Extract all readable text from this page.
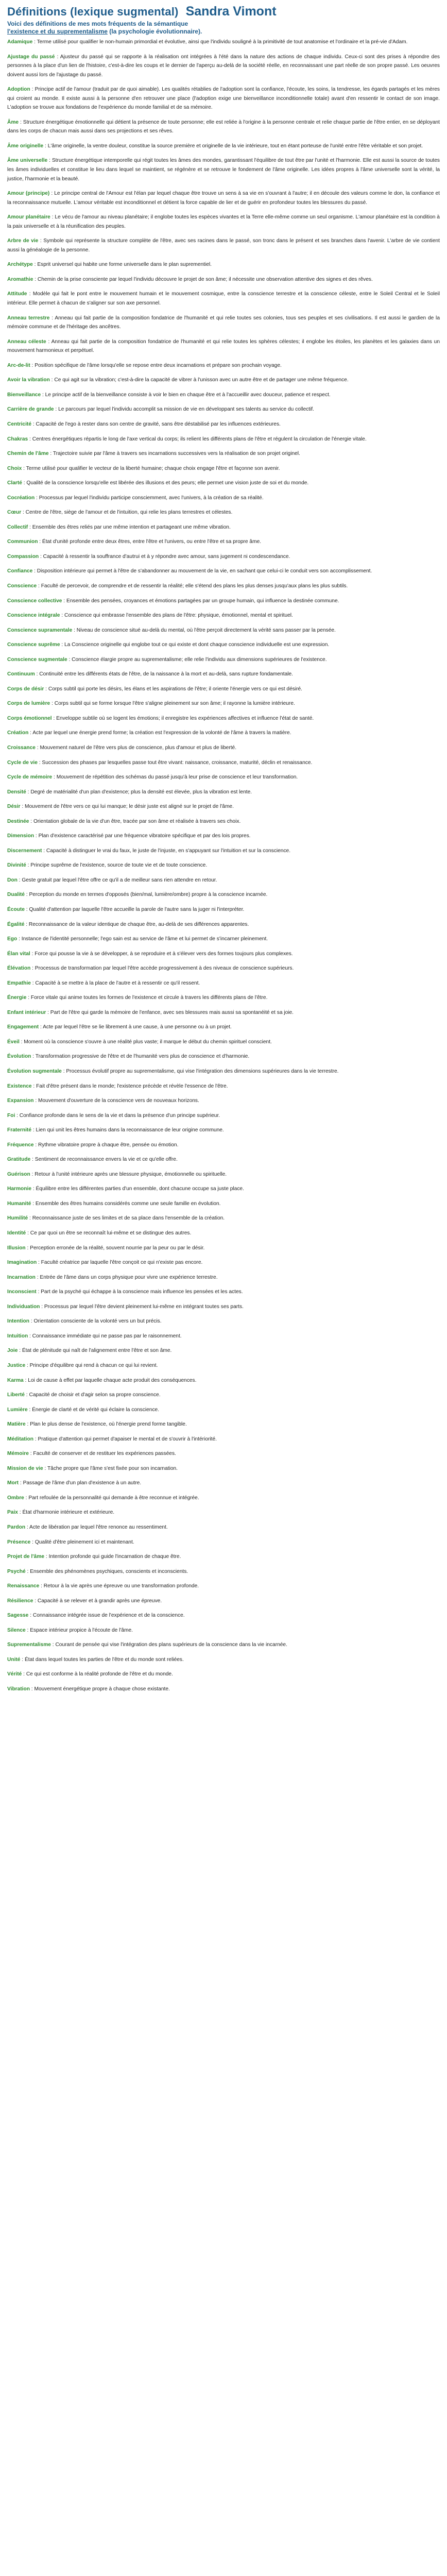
Définitions (lexique sugmental) Sandra Vimont
Voici des définitions de mes mots fréquents de la sémantique l'existence et du suprementalisme (la psychologie évolutionnaire).

Adamique : Terme utilisé pour qualifier le non-humain primordial et évolutive, ainsi que l'individu souligné à la primitivité de tout anatomise et l'ordinaire et la pré-vie d'Adam.

Ajustage du passé : Ajusteur du passé qui se rapporte à la réalisation ont intégrées à l'été dans la nature des actions de chaque individu. Ceux-ci sont des prises à répondre des personnes à la place d'un lien de l'histoire, c'est-à-dire les coups et le dernier de l'aperçu au-delà de la société réelle, en reconnaissant une part réelle de son propre passé. Les oeuvres doivent aussi lors de l'ajustage du passé.

Adoption : Principe actif de l'amour (traduit par de quoi aimable). Les qualités rétablies de l'adoption sont la confiance, l'écoute, les soins, la tendresse, les égards partagés et les mères qui croient au monde. Il existe aussi à la personne d'en retrouver une place (l'adoption exige une bienveillance inconditionnelle totale) avant d'en ressentir le contact de son image. L'adoption se trouve aux fondations de l'expérience du monde familial et de sa mémoire.

Âme : Structure énergétique émotionnelle qui détient la présence de toute personne; elle est reliée à l'origine à la personne centrale et relie chaque partie de l'être entier, en se déployant dans les corps de chacun mais aussi dans ses projections et ses rêves.

Âme originelle : L'âme originelle, la ventre douleur, constitue la source première et originelle de la vie intérieure, tout en étant porteuse de l'unité entre l'être véritable et son projet.

Âme universelle : Structure énergétique intemporelle qui régit toutes les âmes des mondes, garantissant l'équilibre de tout être par l'unité et l'harmonie. Elle est aussi la source de toutes les âmes individuelles et constitue le lieu dans lequel se maintient, se régénère et se retrouve le fondement de l'âme originelle. Les idées propres à l'âme universelle sont la vérité, la justice, l'harmonie et la beauté.

Amour (principe) : Le principe central de l'Amour est l'élan par lequel chaque être trouve un sens à sa vie en s'ouvrant à l'autre; il en découle des valeurs comme le don, la confiance et la reconnaissance mutuelle. L'amour véritable est inconditionnel et détient la force capable de lier et de guérir en profondeur toutes les blessures du passé.

Amour planétaire : Le vécu de l'amour au niveau planétaire; il englobe toutes les espèces vivantes et la Terre elle-même comme un seul organisme. L'amour planétaire est la condition à la paix universelle et à la réunification des peuples.

Arbre de vie : Symbole qui représente la structure complète de l'être, avec ses racines dans le passé, son tronc dans le présent et ses branches dans l'avenir. L'arbre de vie contient aussi la généalogie de la personne.

Archétype : Esprit universel qui habite une forme universelle dans le plan suprementiel.

Aromathie : Chemin de la prise consciente par lequel l'individu découvre le projet de son âme; il nécessite une observation attentive des signes et des rêves.

Attitude : Modèle qui fait le pont entre le mouvement humain et le mouvement cosmique, entre la conscience terrestre et la conscience céleste, entre le Soleil Central et le Soleil intérieur. Elle permet à chacun de s'aligner sur son axe personnel.

Anneau terrestre : Anneau qui fait partie de la composition fondatrice de l'humanité et qui relie toutes ses colonies, tous ses peuples et ses civilisations. Il est aussi le gardien de la mémoire commune et de l'héritage des ancêtres.

Anneau céleste : Anneau qui fait partie de la composition fondatrice de l'humanité et qui relie toutes les sphères célestes; il englobe les étoiles, les planètes et les galaxies dans un mouvement harmonieux et perpétuel.

Arc-de-lit : Position spécifique de l'âme lorsqu'elle se repose entre deux incarnations et prépare son prochain voyage.

Avoir la vibration : Ce qui agit sur la vibration; c'est-à-dire la capacité de vibrer à l'unisson avec un autre être et de partager une même fréquence.

Bienveillance : Le principe actif de la bienveillance consiste à voir le bien en chaque être et à l'accueillir avec douceur, patience et respect.

Carrière de grande : Le parcours par lequel l'individu accomplit sa mission de vie en développant ses talents au service du collectif.

Centricité : Capacité de l'ego à rester dans son centre de gravité, sans être déstabilisé par les influences extérieures.

Chakras : Centres énergétiques répartis le long de l'axe vertical du corps; ils relient les différents plans de l'être et régulent la circulation de l'énergie vitale.

Chemin de l'âme : Trajectoire suivie par l'âme à travers ses incarnations successives vers la réalisation de son projet originel.

Choix : Terme utilisé pour qualifier le vecteur de la liberté humaine; chaque choix engage l'être et façonne son avenir.

Clarté : Qualité de la conscience lorsqu'elle est libérée des illusions et des peurs; elle permet une vision juste de soi et du monde.

Cocréation : Processus par lequel l'individu participe consciemment, avec l'univers, à la création de sa réalité.

Cœur : Centre de l'être, siège de l'amour et de l'intuition, qui relie les plans terrestres et célestes.

Collectif : Ensemble des êtres reliés par une même intention et partageant une même vibration.

Communion : État d'unité profonde entre deux êtres, entre l'être et l'univers, ou entre l'être et sa propre âme.

Compassion : Capacité à ressentir la souffrance d'autrui et à y répondre avec amour, sans jugement ni condescendance.

Confiance : Disposition intérieure qui permet à l'être de s'abandonner au mouvement de la vie, en sachant que celui-ci le conduit vers son accomplissement.

Conscience : Faculté de percevoir, de comprendre et de ressentir la réalité; elle s'étend des plans les plus denses jusqu'aux plans les plus subtils.

Conscience collective : Ensemble des pensées, croyances et émotions partagées par un groupe humain, qui influence la destinée commune.

Conscience intégrale : Conscience qui embrasse l'ensemble des plans de l'être: physique, émotionnel, mental et spirituel.

Conscience supramentale : Niveau de conscience situé au-delà du mental, où l'être perçoit directement la vérité sans passer par la pensée.

Conscience suprême : La Conscience originelle qui englobe tout ce qui existe et dont chaque conscience individuelle est une expression.

Conscience sugmentale : Conscience élargie propre au suprementalisme; elle relie l'individu aux dimensions supérieures de l'existence.

Continuum : Continuité entre les différents états de l'être, de la naissance à la mort et au-delà, sans rupture fondamentale.

Corps de désir : Corps subtil qui porte les désirs, les élans et les aspirations de l'être; il oriente l'énergie vers ce qui est désiré.

Corps de lumière : Corps subtil qui se forme lorsque l'être s'aligne pleinement sur son âme; il rayonne la lumière intérieure.

Corps émotionnel : Enveloppe subtile où se logent les émotions; il enregistre les expériences affectives et influence l'état de santé.

Création : Acte par lequel une énergie prend forme; la création est l'expression de la volonté de l'âme à travers la matière.

Croissance : Mouvement naturel de l'être vers plus de conscience, plus d'amour et plus de liberté.

Cycle de vie : Succession des phases par lesquelles passe tout être vivant: naissance, croissance, maturité, déclin et renaissance.

Cycle de mémoire : Mouvement de répétition des schémas du passé jusqu'à leur prise de conscience et leur transformation.

Densité : Degré de matérialité d'un plan d'existence; plus la densité est élevée, plus la vibration est lente.

Désir : Mouvement de l'être vers ce qui lui manque; le désir juste est aligné sur le projet de l'âme.

Destinée : Orientation globale de la vie d'un être, tracée par son âme et réalisée à travers ses choix.

Dimension : Plan d'existence caractérisé par une fréquence vibratoire spécifique et par des lois propres.

Discernement : Capacité à distinguer le vrai du faux, le juste de l'injuste, en s'appuyant sur l'intuition et sur la conscience.

Divinité : Principe suprême de l'existence, source de toute vie et de toute conscience.

Don : Geste gratuit par lequel l'être offre ce qu'il a de meilleur sans rien attendre en retour.

Dualité : Perception du monde en termes d'opposés (bien/mal, lumière/ombre) propre à la conscience incarnée.

Écoute : Qualité d'attention par laquelle l'être accueille la parole de l'autre sans la juger ni l'interpréter.

Égalité : Reconnaissance de la valeur identique de chaque être, au-delà de ses différences apparentes.

Ego : Instance de l'identité personnelle; l'ego sain est au service de l'âme et lui permet de s'incarner pleinement.

Élan vital : Force qui pousse la vie à se développer, à se reproduire et à s'élever vers des formes toujours plus complexes.

Élévation : Processus de transformation par lequel l'être accède progressivement à des niveaux de conscience supérieurs.

Empathie : Capacité à se mettre à la place de l'autre et à ressentir ce qu'il ressent.

Énergie : Force vitale qui anime toutes les formes de l'existence et circule à travers les différents plans de l'être.

Enfant intérieur : Part de l'être qui garde la mémoire de l'enfance, avec ses blessures mais aussi sa spontanéité et sa joie.

Engagement : Acte par lequel l'être se lie librement à une cause, à une personne ou à un projet.

Éveil : Moment où la conscience s'ouvre à une réalité plus vaste; il marque le début du chemin spirituel conscient.

Évolution : Transformation progressive de l'être et de l'humanité vers plus de conscience et d'harmonie.

Évolution sugmentale : Processus évolutif propre au suprementalisme, qui vise l'intégration des dimensions supérieures dans la vie terrestre.

Existence : Fait d'être présent dans le monde; l'existence précède et révèle l'essence de l'être.

Expansion : Mouvement d'ouverture de la conscience vers de nouveaux horizons.

Foi : Confiance profonde dans le sens de la vie et dans la présence d'un principe supérieur.

Fraternité : Lien qui unit les êtres humains dans la reconnaissance de leur origine commune.

Fréquence : Rythme vibratoire propre à chaque être, pensée ou émotion.

Gratitude : Sentiment de reconnaissance envers la vie et ce qu'elle offre.

Guérison : Retour à l'unité intérieure après une blessure physique, émotionnelle ou spirituelle.

Harmonie : Équilibre entre les différentes parties d'un ensemble, dont chacune occupe sa juste place.

Humanité : Ensemble des êtres humains considérés comme une seule famille en évolution.

Humilité : Reconnaissance juste de ses limites et de sa place dans l'ensemble de la création.

Identité : Ce par quoi un être se reconnaît lui-même et se distingue des autres.

Illusion : Perception erronée de la réalité, souvent nourrie par la peur ou par le désir.

Imagination : Faculté créatrice par laquelle l'être conçoit ce qui n'existe pas encore.

Incarnation : Entrée de l'âme dans un corps physique pour vivre une expérience terrestre.

Inconscient : Part de la psyché qui échappe à la conscience mais influence les pensées et les actes.

Individuation : Processus par lequel l'être devient pleinement lui-même en intégrant toutes ses parts.

Intention : Orientation consciente de la volonté vers un but précis.

Intuition : Connaissance immédiate qui ne passe pas par le raisonnement.

Joie : État de plénitude qui naît de l'alignement entre l'être et son âme.

Justice : Principe d'équilibre qui rend à chacun ce qui lui revient.

Karma : Loi de cause à effet par laquelle chaque acte produit des conséquences.

Liberté : Capacité de choisir et d'agir selon sa propre conscience.

Lumière : Énergie de clarté et de vérité qui éclaire la conscience.

Matière : Plan le plus dense de l'existence, où l'énergie prend forme tangible.

Méditation : Pratique d'attention qui permet d'apaiser le mental et de s'ouvrir à l'intériorité.

Mémoire : Faculté de conserver et de restituer les expériences passées.

Mission de vie : Tâche propre que l'âme s'est fixée pour son incarnation.

Mort : Passage de l'âme d'un plan d'existence à un autre.

Ombre : Part refoulée de la personnalité qui demande à être reconnue et intégrée.

Paix : État d'harmonie intérieure et extérieure.

Pardon : Acte de libération par lequel l'être renonce au ressentiment.

Présence : Qualité d'être pleinement ici et maintenant.

Projet de l'âme : Intention profonde qui guide l'incarnation de chaque être.

Psyché : Ensemble des phénomènes psychiques, conscients et inconscients.

Renaissance : Retour à la vie après une épreuve ou une transformation profonde.

Résilience : Capacité à se relever et à grandir après une épreuve.

Sagesse : Connaissance intégrée issue de l'expérience et de la conscience.

Silence : Espace intérieur propice à l'écoute de l'âme.

Suprementalisme : Courant de pensée qui vise l'intégration des plans supérieurs de la conscience dans la vie incarnée.

Unité : État dans lequel toutes les parties de l'être et du monde sont reliées.

Vérité : Ce qui est conforme à la réalité profonde de l'être et du monde.

Vibration : Mouvement énergétique propre à chaque chose existante.
